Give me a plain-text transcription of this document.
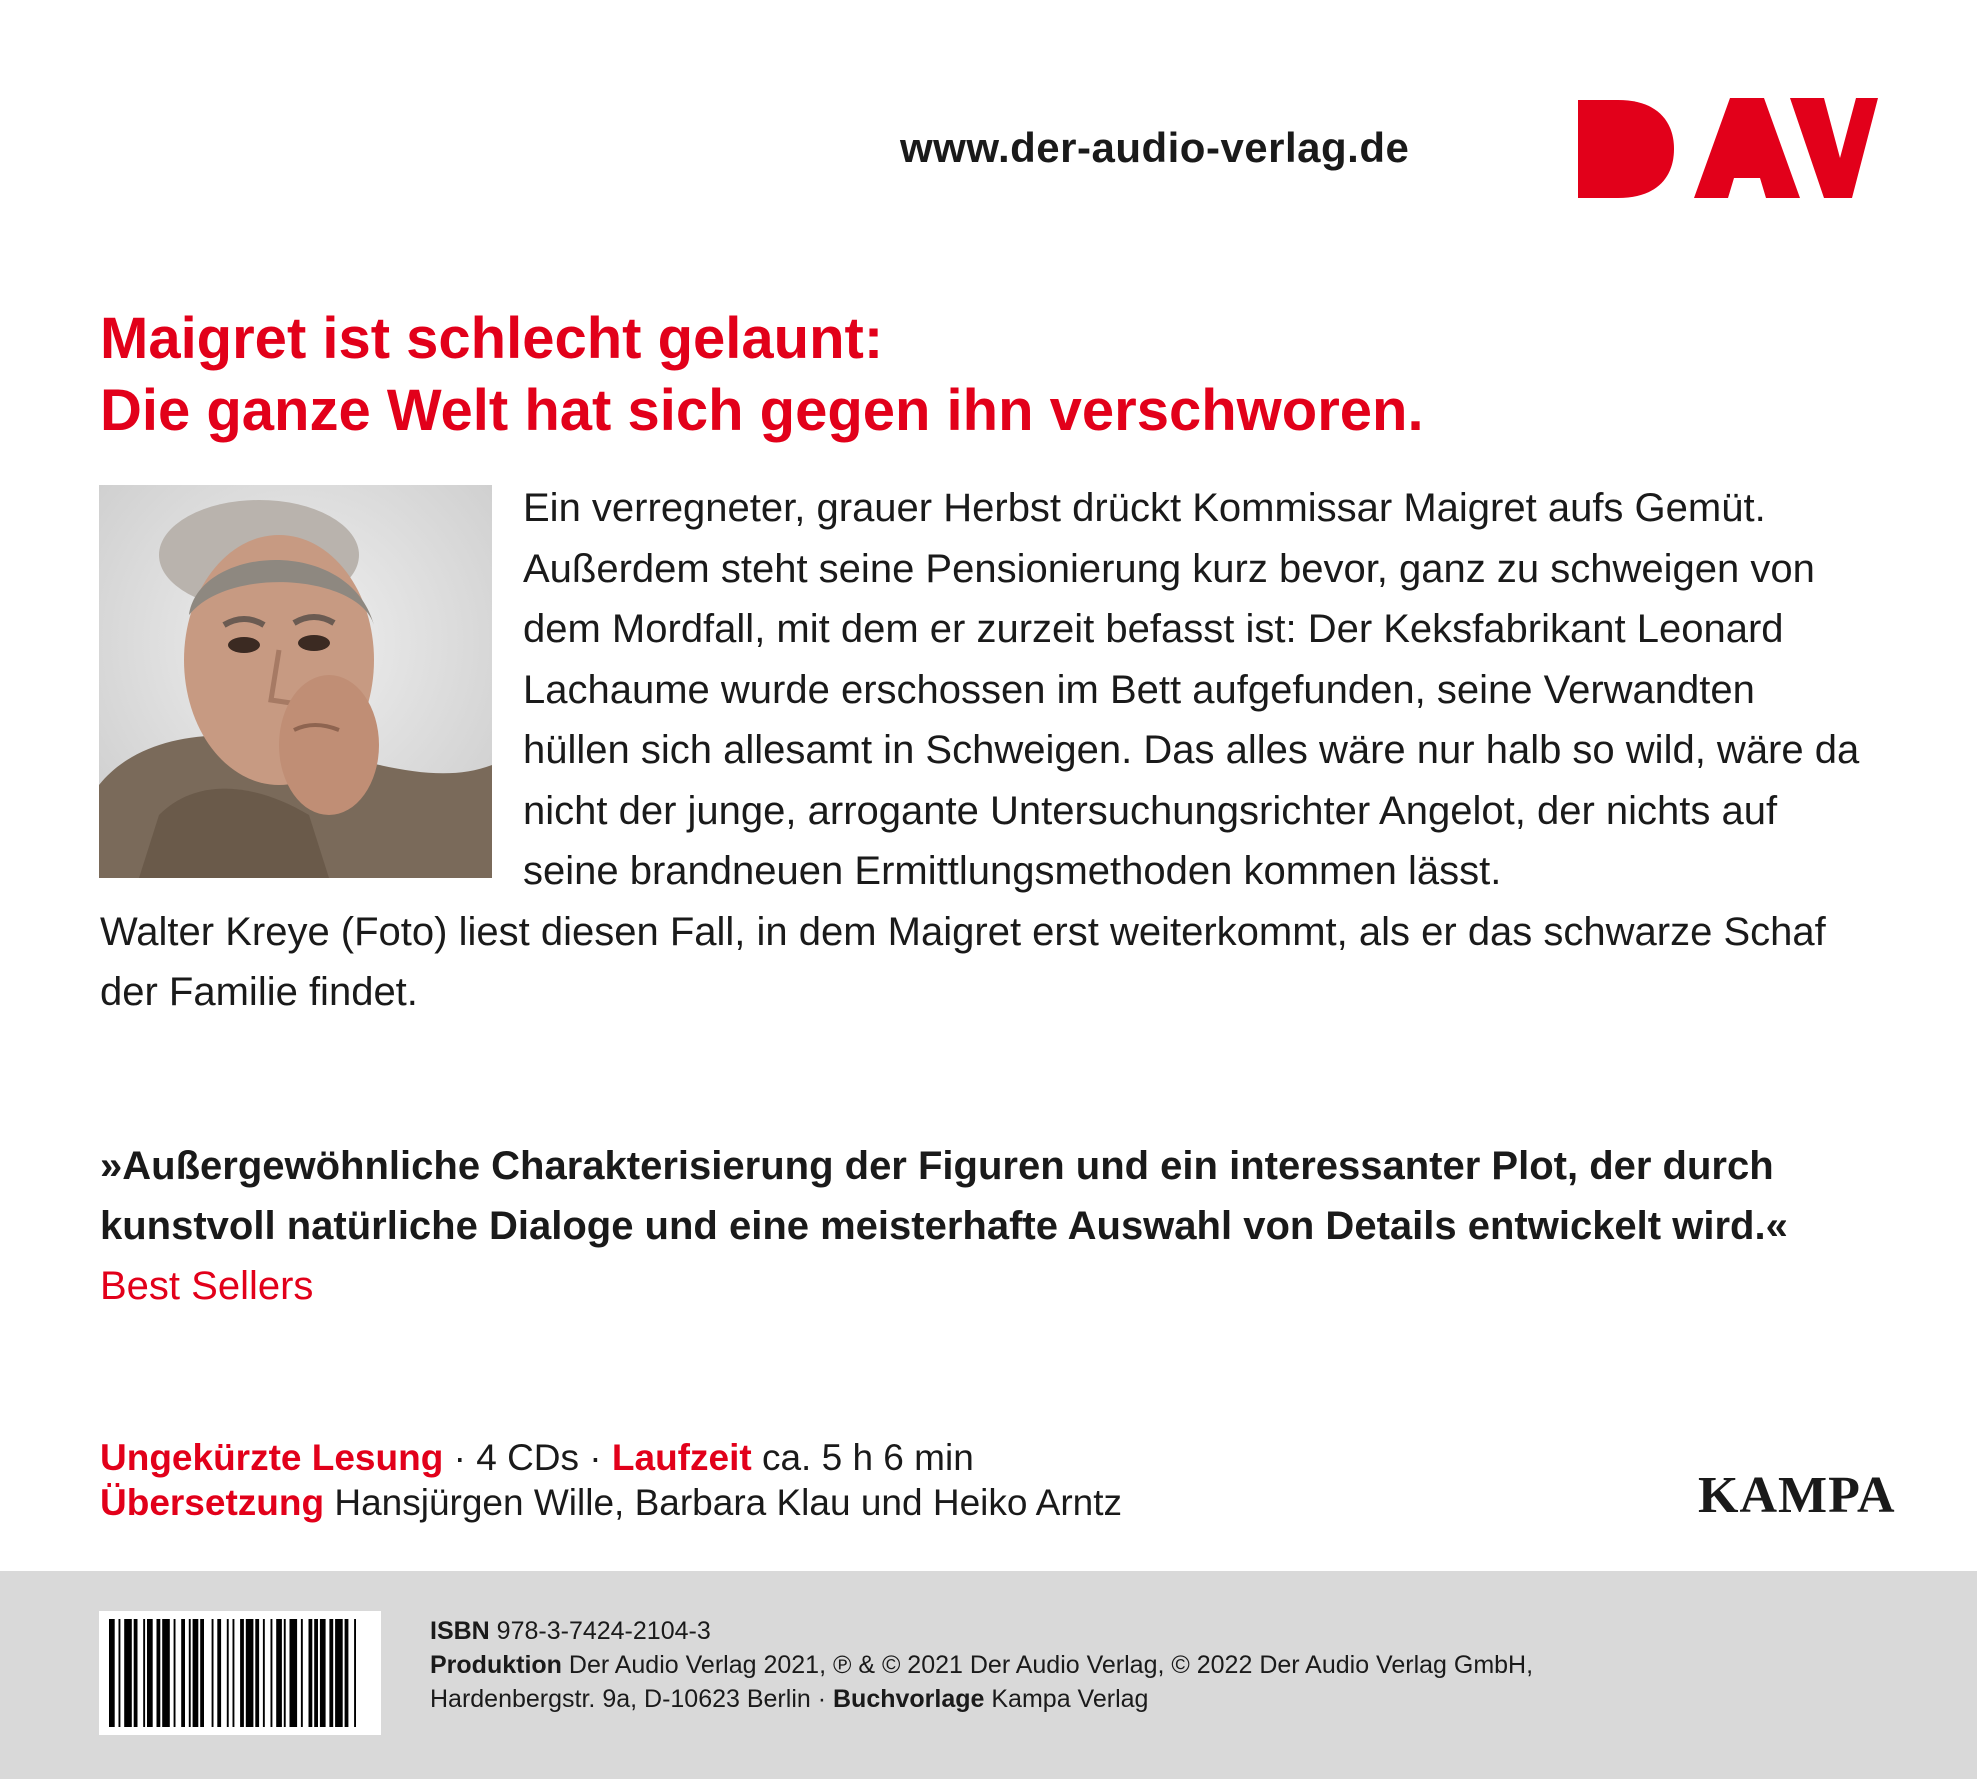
www.der-audio-verlag.de
Maigret ist schlecht gelaunt:
Die ganze Welt hat sich gegen ihn verschworen.

Ein verregneter, grauer Herbst drückt Kommissar Maigret aufs Gemüt. Außerdem steht seine Pensionierung kurz bevor, ganz zu schweigen von dem Mordfall, mit dem er zurzeit befasst ist: Der Keksfabrikant Leonard Lachaume wurde erschossen im Bett aufgefunden, seine Verwandten hüllen sich allesamt in Schweigen. Das alles wäre nur halb so wild, wäre da nicht der junge, arrogante Untersuchungsrichter Angelot, der nichts auf seine brandneuen Ermittlungsmethoden kommen lässt.

Walter Kreye (Foto) liest diesen Fall, in dem Maigret erst weiterkommt, als er das schwarze Schaf der Familie findet.

»Außergewöhnliche Charakterisierung der Figuren und ein interessanter Plot, der durch kunstvoll natürliche Dialoge und eine meisterhafte Auswahl von Details entwickelt wird.« Best Sellers
Ungekürzte Lesung · 4 CDs · Laufzeit ca. 5 h 6 min
Übersetzung Hansjürgen Wille, Barbara Klau und Heiko Arntz	KAMPA
ISBN 978-3-7424-2104-3
Produktion Der Audio Verlag 2021, ℗ & © 2021 Der Audio Verlag, © 2022 Der Audio Verlag GmbH,
Hardenbergstr. 9a, D-10623 Berlin · Buchvorlage Kampa Verlag
